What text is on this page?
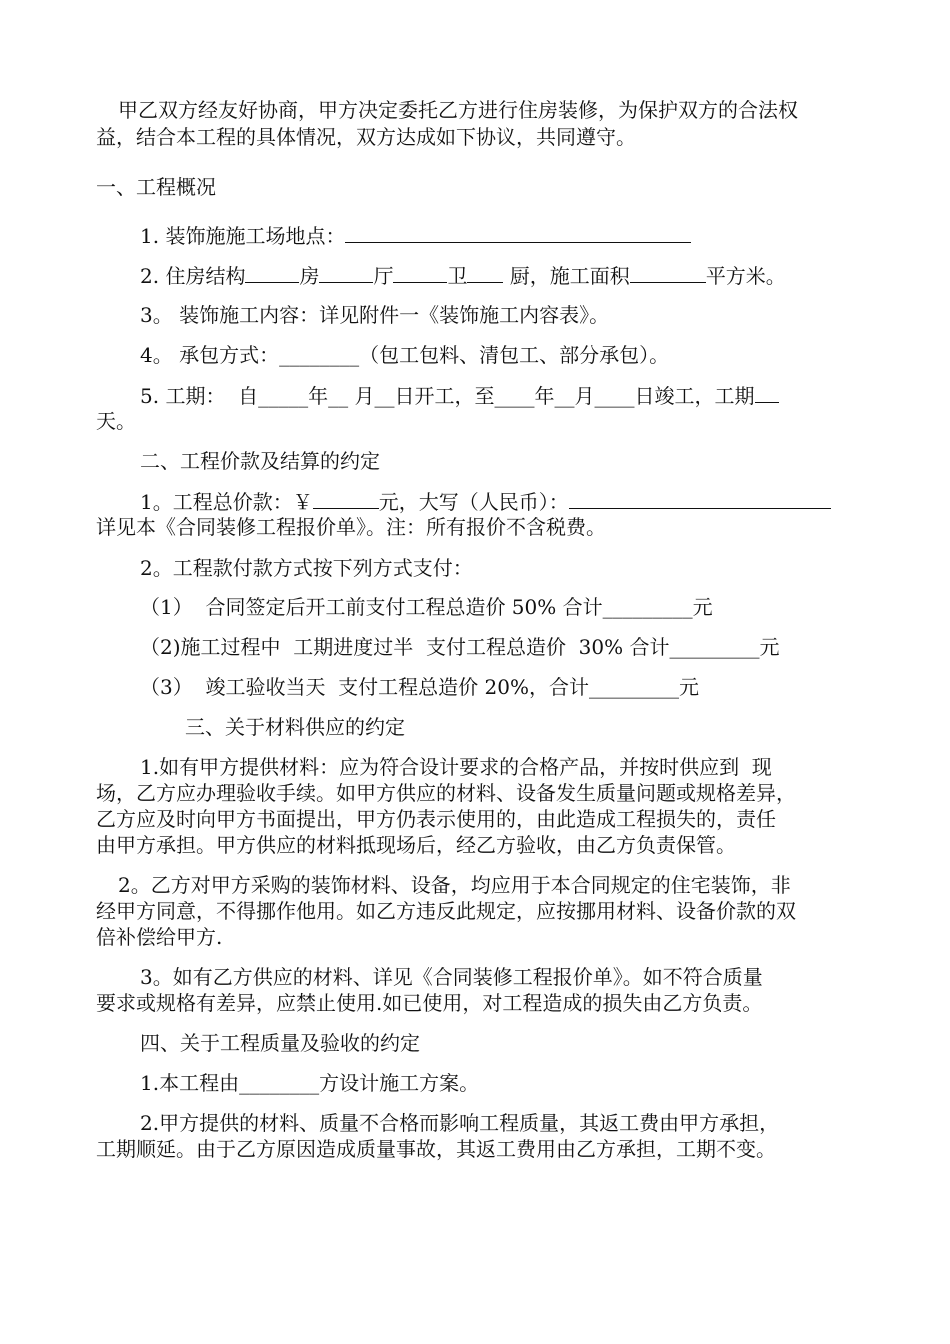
甲乙双方经友好协商，甲方决定委托乙方进行住房装修，为保护双方的合法权
益，结合本工程的具体情况，双方达成如下协议，共同遵守。
一、工程概况
1. 装饰施施工场地点：
2. 住房结构	房	厅	卫 厨，施工面积	平方米。
3。 装饰施工内容：详见附件一《装饰施工内容表》。
4。 承包方式：________（包工包料、清包工、部分承包）。
5. 工期：  自_____年__ 月__日开工，至____年__月____日竣工，工期
天。
二、工程价款及结算的约定
1。工程总价款：￥	元，大写（人民币）：
详见本《合同装修工程报价单》。注：所有报价不含税费。
2。工程款付款方式按下列方式支付：
（1）  合同签定后开工前支付工程总造价 50% 合计_________元
（2)施工过程中  工期进度过半  支付工程总造价  30% 合计_________元
（3）  竣工验收当天  支付工程总造价 20%，合计_________元
三、关于材料供应的约定
1.如有甲方提供材料：应为符合设计要求的合格产品，并按时供应到  现
场，乙方应办理验收手续。如甲方供应的材料、设备发生质量问题或规格差异，
乙方应及时向甲方书面提出，甲方仍表示使用的，由此造成工程损失的，责任
由甲方承担。甲方供应的材料抵现场后，经乙方验收，由乙方负责保管。
2。乙方对甲方采购的装饰材料、设备，均应用于本合同规定的住宅装饰，非
经甲方同意，不得挪作他用。如乙方违反此规定，应按挪用材料、设备价款的双
倍补偿给甲方.
3。如有乙方供应的材料、详见《合同装修工程报价单》。如不符合质量
要求或规格有差异，应禁止使用.如已使用，对工程造成的损失由乙方负责。
四、关于工程质量及验收的约定
1.本工程由________方设计施工方案。
2.甲方提供的材料、质量不合格而影响工程质量，其返工费由甲方承担，
工期顺延。由于乙方原因造成质量事故，其返工费用由乙方承担，工期不变。
